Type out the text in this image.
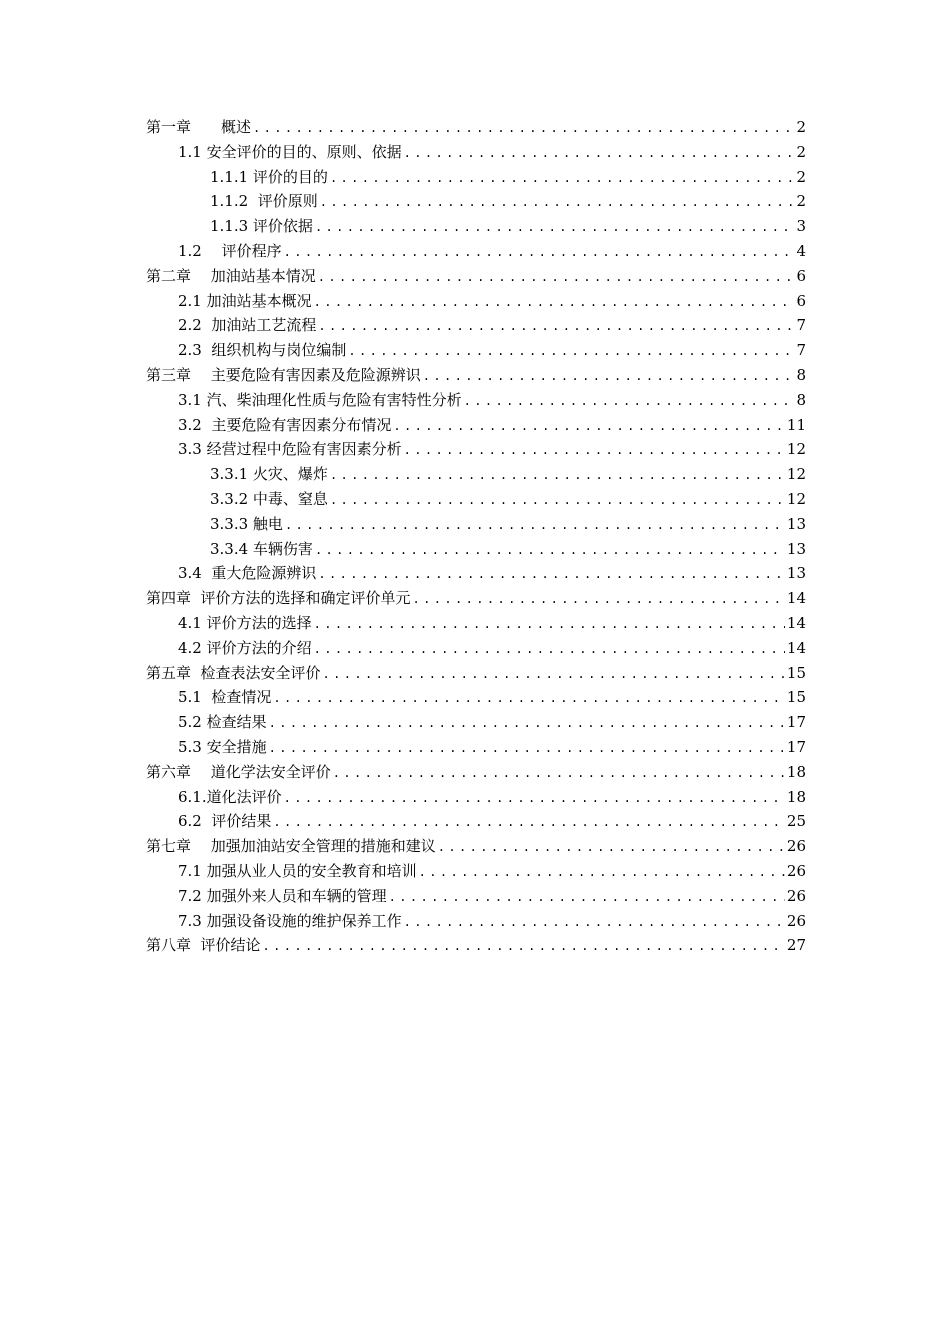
第一章　　概述 .....	2
1.1 安全评价的目的、原则、依据 .....	2
1.1.1 评价的目的 .....	2
1.1.2  评价原则 .....	2
1.1.3 评价依据 .....	3
1.2　 评价程序 .....	4
第二章　 加油站基本情况 .....	6
2.1 加油站基本概况 .....	6
2.2  加油站工艺流程 .....	7
2.3  组织机构与岗位编制 .....	7
第三章　 主要危险有害因素及危险源辨识 .....	8
3.1 汽、柴油理化性质与危险有害特性分析 .....	8
3.2  主要危险有害因素分布情况 .....	11
3.3 经营过程中危险有害因素分析 .....	12
3.3.1 火灾、爆炸 .....	12
3.3.2 中毒、窒息 .....	12
3.3.3 触电 .....	13
3.3.4 车辆伤害 .....	13
3.4  重大危险源辨识 .....	13
第四章  评价方法的选择和确定评价单元 .....	14
4.1 评价方法的选择 .....	14
4.2 评价方法的介绍 .....	14
第五章  检查表法安全评价 .....	15
5.1  检查情况 .....	15
5.2 检查结果 .....	17
5.3 安全措施 .....	17
第六章　 道化学法安全评价 .....	18
6.1.道化法评价 .....	18
6.2  评价结果 .....	25
第七章　 加强加油站安全管理的措施和建议 .....	26
7.1 加强从业人员的安全教育和培训 .....	26
7.2 加强外来人员和车辆的管理 .....	26
7.3 加强设备设施的维护保养工作 .....	26
第八章  评价结论 .....	27
